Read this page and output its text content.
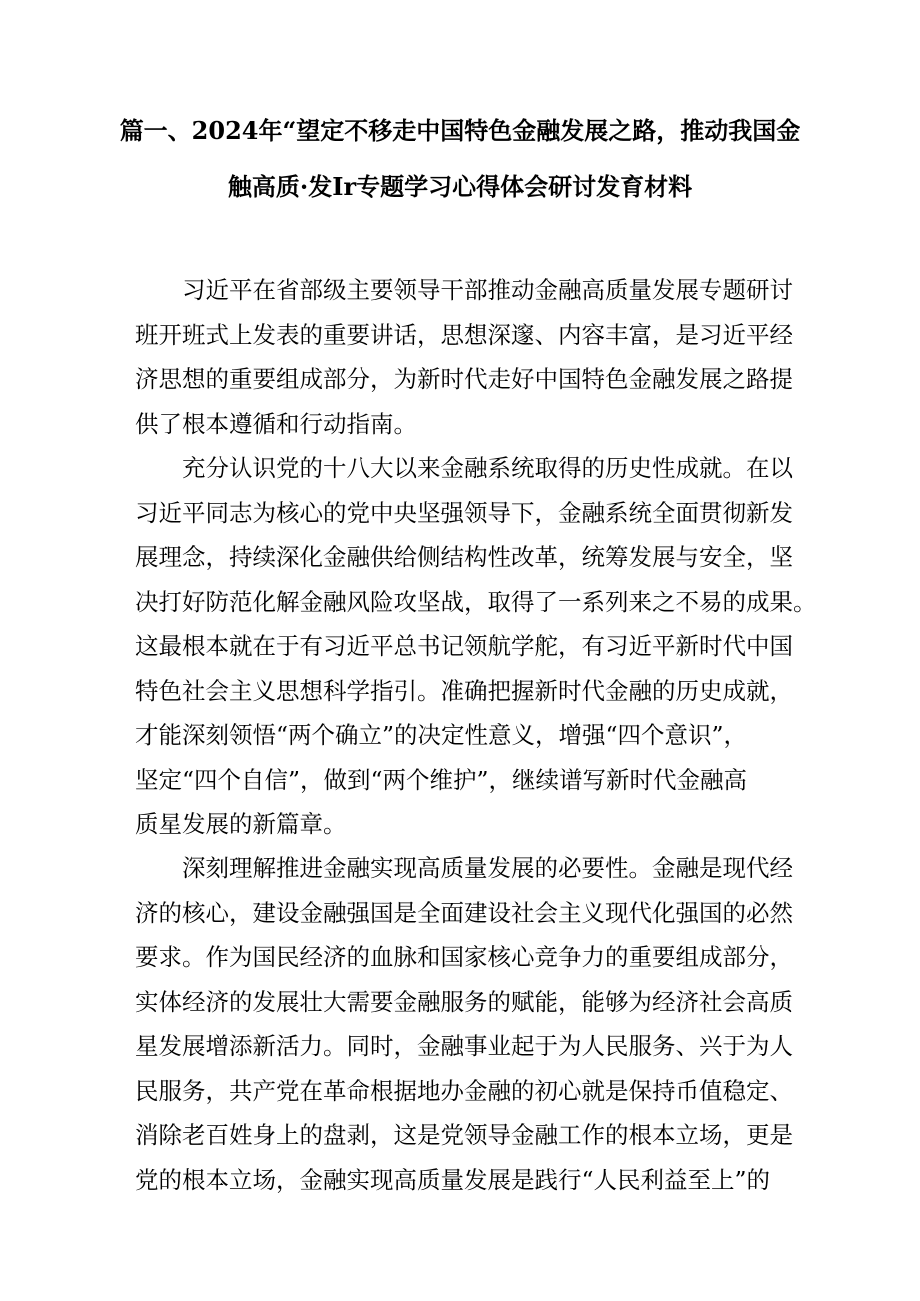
篇一、2024年“望定不移走中国特色金融发展之路，推动我国金
触高质·发Ir专题学习心得体会研讨发育材料
习近平在省部级主要领导干部推动金融高质量发展专题研讨
班开班式上发表的重要讲话，思想深邃、内容丰富，是习近平经
济思想的重要组成部分，为新时代走好中国特色金融发展之路提
供了根本遵循和行动指南。
充分认识党的十八大以来金融系统取得的历史性成就。在以
习近平同志为核心的党中央坚强领导下，金融系统全面贯彻新发
展理念，持续深化金融供给侧结构性改革，统筹发展与安全，坚
决打好防范化解金融风险攻坚战，取得了一系列来之不易的成果。
这最根本就在于有习近平总书记领航学舵，有习近平新时代中国
特色社会主义思想科学指引。准确把握新时代金融的历史成就，
才能深刻领悟“两个确立”的决定性意义，增强“四个意识”，
坚定“四个自信”，做到“两个维护”，继续谱写新时代金融高
质星发展的新篇章。
深刻理解推进金融实现高质量发展的必要性。金融是现代经
济的核心，建设金融强国是全面建设社会主义现代化强国的必然
要求。作为国民经济的血脉和国家核心竞争力的重要组成部分，
实体经济的发展壮大需要金融服务的赋能，能够为经济社会高质
星发展增添新活力。同时，金融事业起于为人民服务、兴于为人
民服务，共产党在革命根据地办金融的初心就是保持币值稳定、
消除老百姓身上的盘剥，这是党领导金融工作的根本立场，更是
党的根本立场，金融实现高质量发展是践行“人民利益至上”的
